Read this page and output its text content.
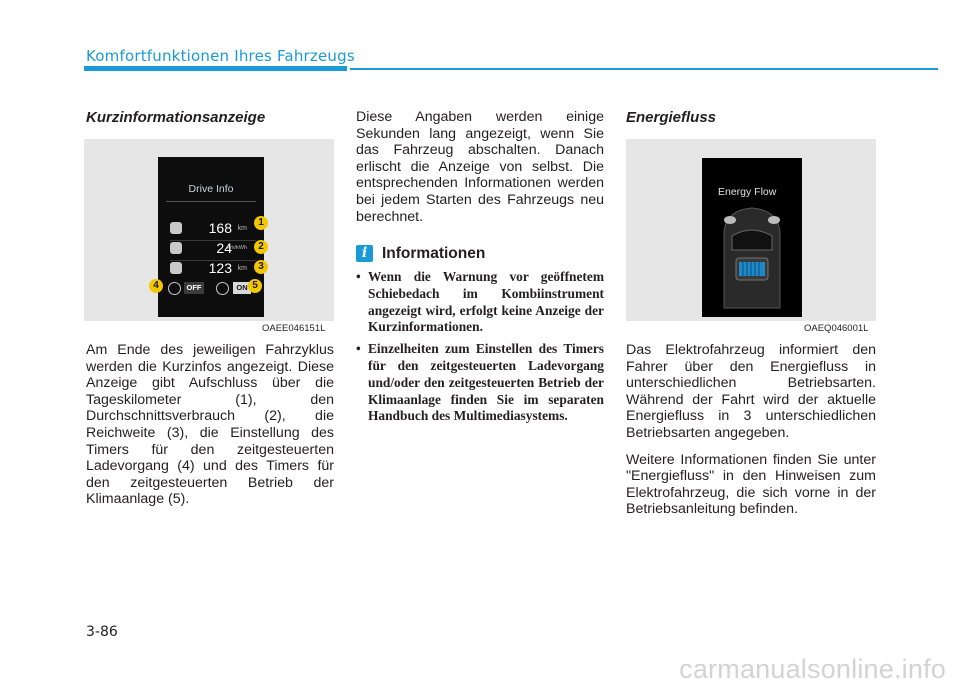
Komfortfunktionen Ihres Fahrzeugs
Kurzinformationsanzeige
Drive Info
168 km
24
km/kWh
123 km
OFF	ON
1
2
3
4	5
OAEE046151L

Am Ende des jeweiligen Fahrzyklus werden die Kurzinfos angezeigt. Diese Anzeige gibt Aufschluss über die Tageskilometer (1), den Durchschnittsverbrauch (2), die Reichweite (3), die Einstellung des Timers für den zeitgesteuerten Ladevorgang (4) und des Timers für den zeitgesteuerten Betrieb der Klimaanlage (5).

Diese Angaben werden einige Sekunden lang angezeigt, wenn Sie das Fahrzeug abschalten. Danach erlischt die Anzeige von selbst. Die entsprechenden Informationen werden bei jedem Starten des Fahrzeugs neu berechnet.

i Informationen
• Wenn die Warnung vor geöffnetem Schiebedach im Kombiinstrument angezeigt wird, erfolgt keine Anzeige der Kurzinformationen.
• Einzelheiten zum Einstellen des Timers für den zeitgesteuerten Ladevorgang und/oder den zeitgesteuerten Betrieb der Klimaanlage finden Sie im separaten Handbuch des Multimediasystems.
Energiefluss
Energy Flow
OAEQ046001L

Das Elektrofahrzeug informiert den Fahrer über den Energiefluss in unterschiedlichen Betriebsarten. Während der Fahrt wird der aktuelle Energiefluss in 3 unterschiedlichen Betriebsarten angegeben.

Weitere Informationen finden Sie unter "Energiefluss" in den Hinweisen zum Elektrofahrzeug, die sich vorne in der Betriebsanleitung befinden.

3-86
carmanualsonline.info
